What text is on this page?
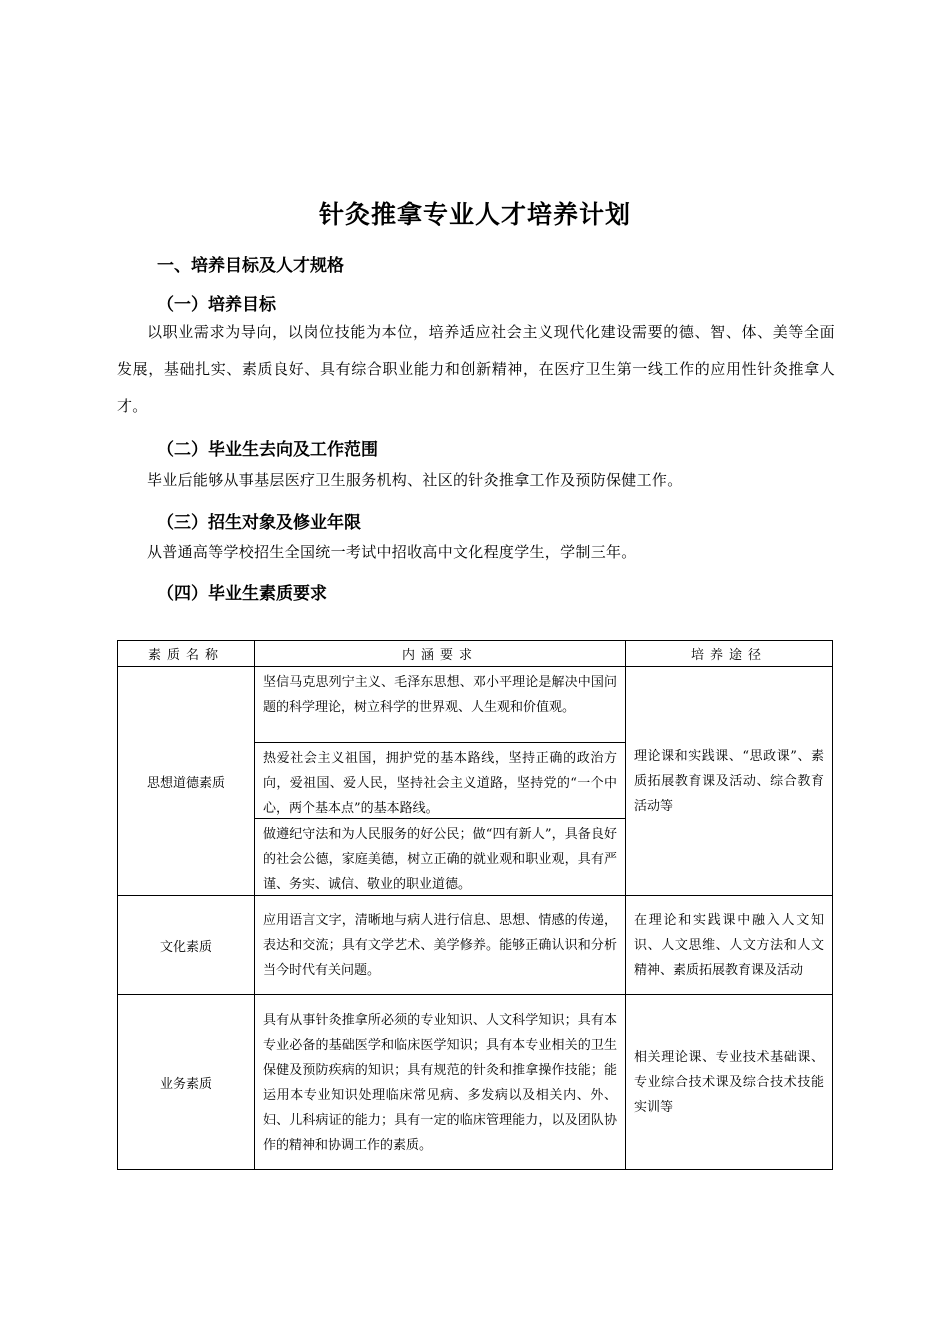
针灸推拿专业人才培养计划
一、培养目标及人才规格
（一）培养目标
以职业需求为导向，以岗位技能为本位，培养适应社会主义现代化建设需要的德、智、体、美等全面发展，基础扎实、素质良好、具有综合职业能力和创新精神，在医疗卫生第一线工作的应用性针灸推拿人才。
（二）毕业生去向及工作范围
毕业后能够从事基层医疗卫生服务机构、社区的针灸推拿工作及预防保健工作。
（三）招生对象及修业年限
从普通高等学校招生全国统一考试中招收高中文化程度学生，学制三年。
（四）毕业生素质要求
素质名称	内涵要求	培养途径
思想道德素质	坚信马克思列宁主义、毛泽东思想、邓小平理论是解决中国问题的科学理论，树立科学的世界观、人生观和价值观。
热爱社会主义祖国，拥护党的基本路线，坚持正确的政治方向，爱祖国、爱人民，坚持社会主义道路，坚持党的“一个中心，两个基本点”的基本路线。
做遵纪守法和为人民服务的好公民；做“四有新人”，具备良好的社会公德，家庭美德，树立正确的就业观和职业观，具有严谨、务实、诚信、敬业的职业道德。	理论课和实践课、“思政课”、素质拓展教育课及活动、综合教育活动等

文化素质	应用语言文字，清晰地与病人进行信息、思想、情感的传递，表达和交流；具有文学艺术、美学修养。能够正确认识和分析当今时代有关问题。	在理论和实践课中融入人文知识、人文思维、人文方法和人文精神、素质拓展教育课及活动

业务素质	具有从事针灸推拿所必须的专业知识、人文科学知识；具有本专业必备的基础医学和临床医学知识；具有本专业相关的卫生保健及预防疾病的知识；具有规范的针灸和推拿操作技能；能运用本专业知识处理临床常见病、多发病以及相关内、外、妇、儿科病证的能力；具有一定的临床管理能力，以及团队协作的精神和协调工作的素质。	相关理论课、专业技术基础课、专业综合技术课及综合技术技能实训等
